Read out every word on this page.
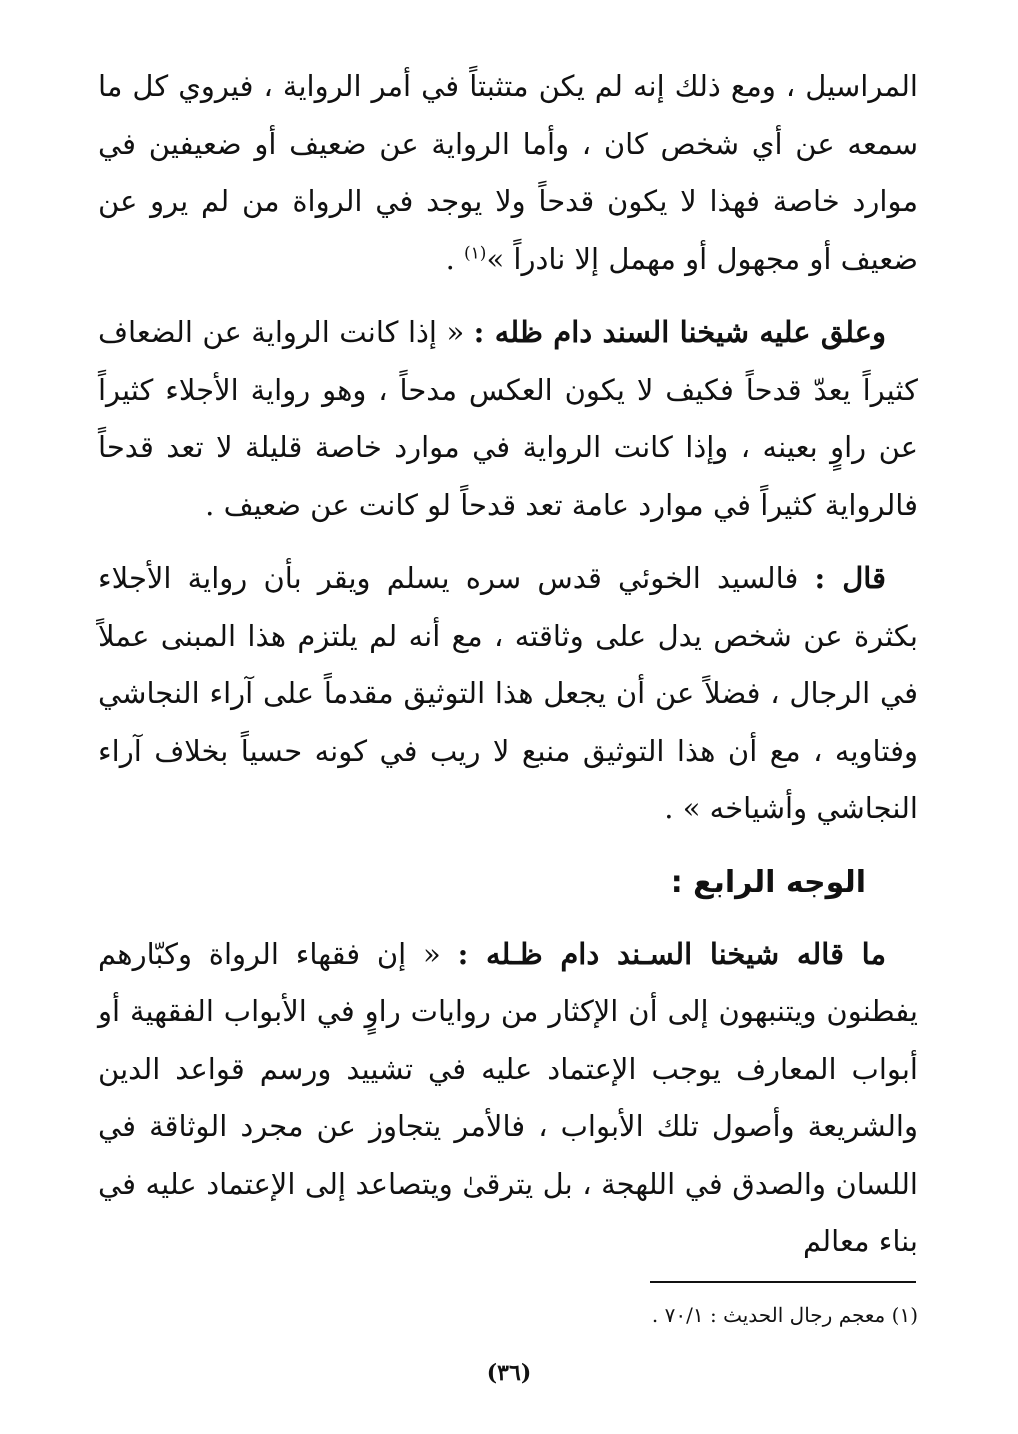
المراسيل ، ومع ذلك إنه لم يكن متثبتاً في أمر الرواية ، فيروي كل ما سمعه عن أي شخص كان ، وأما الرواية عن ضعيف أو ضعيفين في موارد خاصة فهذا لا يكون قدحاً ولا يوجد في الرواة من لم يرو عن ضعيف أو مجهول أو مهمل إلا نادراً »$^{(١)}$ .

وعلق عليه شيخنا السند دام ظله : « إذا كانت الرواية عن الضعاف كثيراً يعدّ قدحاً فكيف لا يكون العكس مدحاً ، وهو رواية الأجلاء كثيراً عن راوٍ بعينه ، وإذا كانت الرواية في موارد خاصة قليلة لا تعد قدحاً فالرواية كثيراً في موارد عامة تعد قدحاً لو كانت عن ضعيف .

قال : فالسيد الخوئي قدس سره يسلم ويقر بأن رواية الأجلاء بكثرة عن شخص يدل على وثاقته ، مع أنه لم يلتزم هذا المبنى عملاً في الرجال ، فضلاً عن أن يجعل هذا التوثيق مقدماً على آراء النجاشي وفتاويه ، مع أن هذا التوثيق منبع لا ريب في كونه حسياً بخلاف آراء النجاشي وأشياخه » .

الوجه الرابع :

ما قاله شيخنا السـند دام ظـله : « إن فقهاء الرواة وكبّارهم يفطنون ويتنبهون إلى أن الإكثار من روايات راوٍ في الأبواب الفقهية أو أبواب المعارف يوجب الإعتماد عليه في تشييد ورسم قواعد الدين والشريعة وأصول تلك الأبواب ، فالأمر يتجاوز عن مجرد الوثاقة في اللسان والصدق في اللهجة ، بل يترقىٰ ويتصاعد إلى الإعتماد عليه في بناء معالم

(١) معجم رجال الحديث : ٧٠/١ .

(٣٦)
